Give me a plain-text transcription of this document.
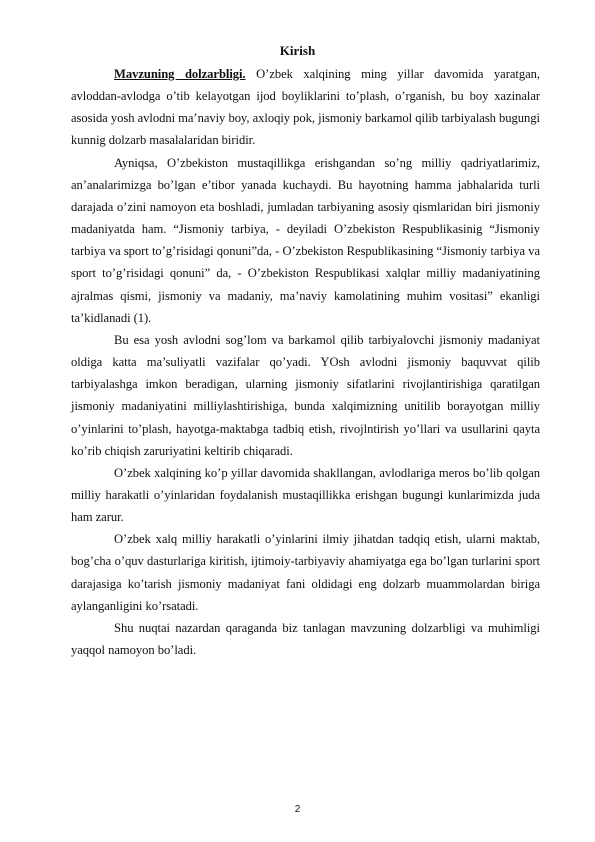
Kirish

Mavzuning dolzarbligi. O’zbek xalqining ming yillar davomida yaratgan, avloddan-avlodga o’tib kelayotgan ijod boyliklarini to’plash, o’rganish, bu boy xazinalar asosida yosh avlodni ma’naviy boy, axloqiy pok, jismoniy barkamol qilib tarbiyalash bugungi kunnig dolzarb masalalaridan biridir.

Ayniqsa, O’zbekiston mustaqillikga erishgandan so’ng milliy qadriyatlarimiz, an’analarimizga bo’lgan e’tibor yanada kuchaydi. Bu hayotning hamma jabhalarida turli darajada o’zini namoyon eta boshladi, jumladan tarbiyaning asosiy qismlaridan biri jismoniy madaniyatda ham. “Jismoniy tarbiya, - deyiladi O’zbekiston Respublikasinig “Jismoniy tarbiya va sport to’g’risidagi qonuni”da, - O’zbekiston Respublikasining “Jismoniy tarbiya va sport to’g’risidagi qonuni” da, - O’zbekiston Respublikasi xalqlar milliy madaniyatining ajralmas qismi, jismoniy va madaniy, ma’naviy kamolatining muhim vositasi” ekanligi ta’kidlanadi (1).

Bu esa yosh avlodni sog’lom va barkamol qilib tarbiyalovchi jismoniy madaniyat oldiga katta ma’suliyatli vazifalar qo’yadi. YOsh avlodni jismoniy baquvvat qilib tarbiyalashga imkon beradigan, ularning jismoniy sifatlarini rivojlantirishiga qaratilgan jismoniy madaniyatini milliylashtirishiga, bunda xalqimizning unitilib borayotgan milliy o’yinlarini to’plash, hayotga-maktabga tadbiq etish, rivojlntirish yo’llari va usullarini qayta ko’rib chiqish zaruriyatini keltirib chiqaradi.

O’zbek xalqining ko’p yillar davomida shakllangan, avlodlariga meros bo’lib qolgan milliy harakatli o’yinlaridan foydalanish mustaqillikka erishgan bugungi kunlarimizda juda ham zarur.

O’zbek xalq milliy harakatli o’yinlarini ilmiy jihatdan tadqiq etish, ularni maktab, bog’cha o’quv dasturlariga kiritish, ijtimoiy-tarbiyaviy ahamiyatga ega bo’lgan turlarini sport darajasiga ko’tarish jismoniy madaniyat fani oldidagi eng dolzarb muammolardan biriga aylanganligini ko’rsatadi.

Shu nuqtai nazardan qaraganda biz tanlagan mavzuning dolzarbligi va muhimligi yaqqol namoyon bo’ladi.

2
